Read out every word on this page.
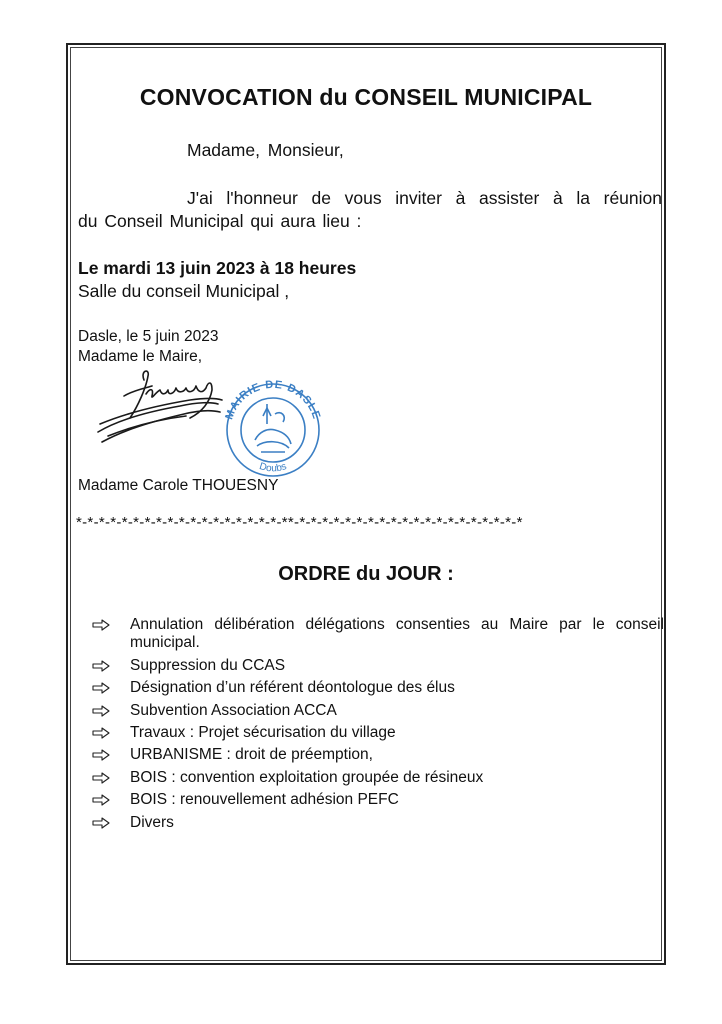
CONVOCATION du CONSEIL MUNICIPAL
Madame, Monsieur,
J'ai l'honneur de vous inviter à assister à la réunion
du Conseil Municipal qui aura lieu :
Le mardi 13 juin 2023 à 18 heures
Salle du conseil Municipal ,
Dasle, le 5 juin 2023
Madame le Maire,
MAIRIE DE DASLE
Doubs
Madame Carole THOUESNY
*-*-*-*-*-*-*-*-*-*-*-*-*-*-*-*-*-*-**-*-*-*-*-*-*-*-*-*-*-*-*-*-*-*-*-*-*-*-*
ORDRE du JOUR :
Annulation délibération délégations consenties au Maire par le conseil municipal.
Suppression du CCAS
Désignation d’un référent déontologue des élus
Subvention Association ACCA
Travaux : Projet sécurisation du village
URBANISME : droit de préemption,
BOIS : convention exploitation groupée de résineux
BOIS : renouvellement adhésion PEFC
Divers
